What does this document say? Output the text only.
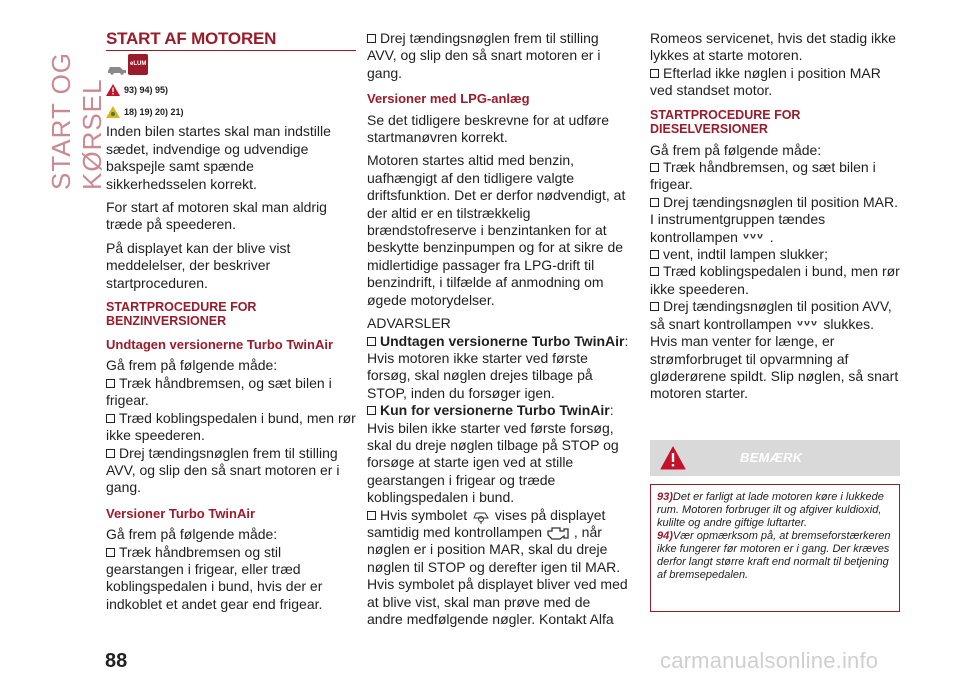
START OG KØRSEL
START AF MOTOREN
eLUM
93) 94) 95)
18) 19) 20) 21)

Inden bilen startes skal man indstille sædet, indvendige og udvendige bakspejle samt spænde sikkerhedsselen korrekt.

For start af motoren skal man aldrig træde på speederen.

På displayet kan der blive vist meddelelser, der beskriver startproceduren.

STARTPROCEDURE FOR BENZINVERSIONER
Undtagen versionerne Turbo TwinAir
Gå frem på følgende måde:
Træk håndbremsen, og sæt bilen i frigear.
Træd koblingspedalen i bund, men rør ikke speederen.
Drej tændingsnøglen frem til stilling AVV, og slip den så snart motoren er i gang.
Versioner Turbo TwinAir
Gå frem på følgende måde:
Træk håndbremsen og stil gearstangen i frigear, eller træd koblingspedalen i bund, hvis der er indkoblet et andet gear end frigear.

Drej tændingsnøglen frem til stilling AVV, og slip den så snart motoren er i gang.

Versioner med LPG-anlæg

Se det tidligere beskrevne for at udføre startmanøvren korrekt.

Motoren startes altid med benzin, uafhængigt af den tidligere valgte driftsfunktion. Det er derfor nødvendigt, at der altid er en tilstrækkelig brændstofreserve i benzintanken for at beskytte benzinpumpen og for at sikre de midlertidige passager fra LPG-drift til benzindrift, i tilfælde af anmodning om øgede motorydelser.

ADVARSLER
Undtagen versionerne Turbo TwinAir:
Hvis motoren ikke starter ved første forsøg, skal nøglen drejes tilbage på STOP, inden du forsøger igen.
Kun for versionerne Turbo TwinAir:
Hvis bilen ikke starter ved første forsøg, skal du dreje nøglen tilbage på STOP og forsøge at starte igen ved at stille gearstangen i frigear og træde koblingspedalen i bund.
Hvis symbolet vises på displayet samtidig med kontrollampen , når nøglen er i position MAR, skal du dreje nøglen til STOP og derefter igen til MAR. Hvis symbolet på displayet bliver ved med at blive vist, skal man prøve med de andre medfølgende nøgler. Kontakt Alfa
Romeos servicenet, hvis det stadig ikke lykkes at starte motoren.

Efterlad ikke nøglen i position MAR ved standset motor.

STARTPROCEDURE FOR DIESELVERSIONER
Gå frem på følgende måde:
Træk håndbremsen, og sæt bilen i frigear.
Drej tændingsnøglen til position MAR. I instrumentgruppen tændes kontrollampen .
vent, indtil lampen slukker;
Træd koblingspedalen i bund, men rør ikke speederen.
Drej tændingsnøglen til position AVV, så snart kontrollampen slukkes.
Hvis man venter for længe, er strømforbruget til opvarmning af gløderørene spildt. Slip nøglen, så snart motoren starter.
BEMÆRK
93)Det er farligt at lade motoren køre i lukkede rum. Motoren forbruger ilt og afgiver kuldioxid, kulilte og andre giftige luftarter.
94)Vær opmærksom på, at bremseforstærkeren ikke fungerer før motoren er i gang. Der kræves derfor langt større kraft end normalt til betjening af bremsepedalen.
88	carmanualsonline.info
